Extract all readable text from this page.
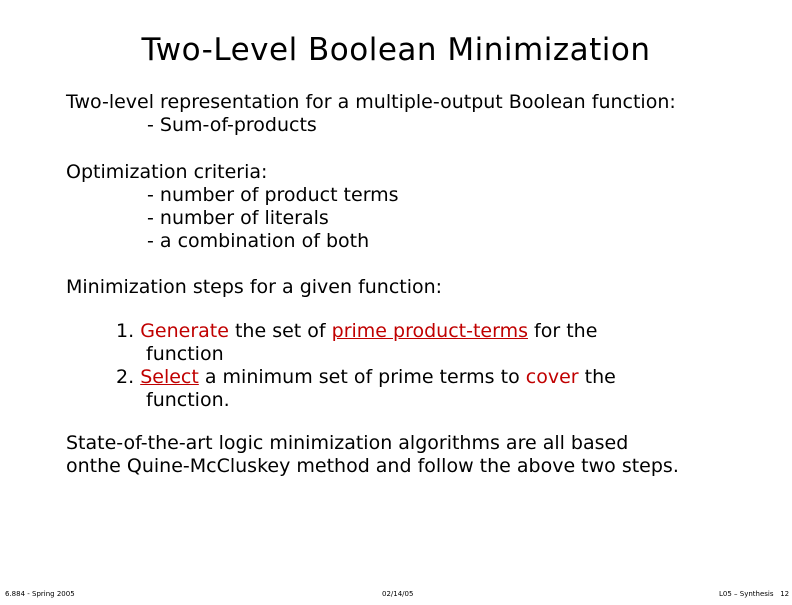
Two-Level Boolean Minimization
Two-level representation for a multiple-output Boolean function:
- Sum-of-products
Optimization criteria:
- number of product terms
- number of literals
- a combination of both
Minimization steps for a given function:
1. Generate the set of prime product-terms for the
function
2. Select a minimum set of prime terms to cover the
function.
State-of-the-art logic minimization algorithms are all based
onthe Quine-McCluskey method and follow the above two steps.
6.884 - Spring 2005	02/14/05	L05 – Synthesis 12
